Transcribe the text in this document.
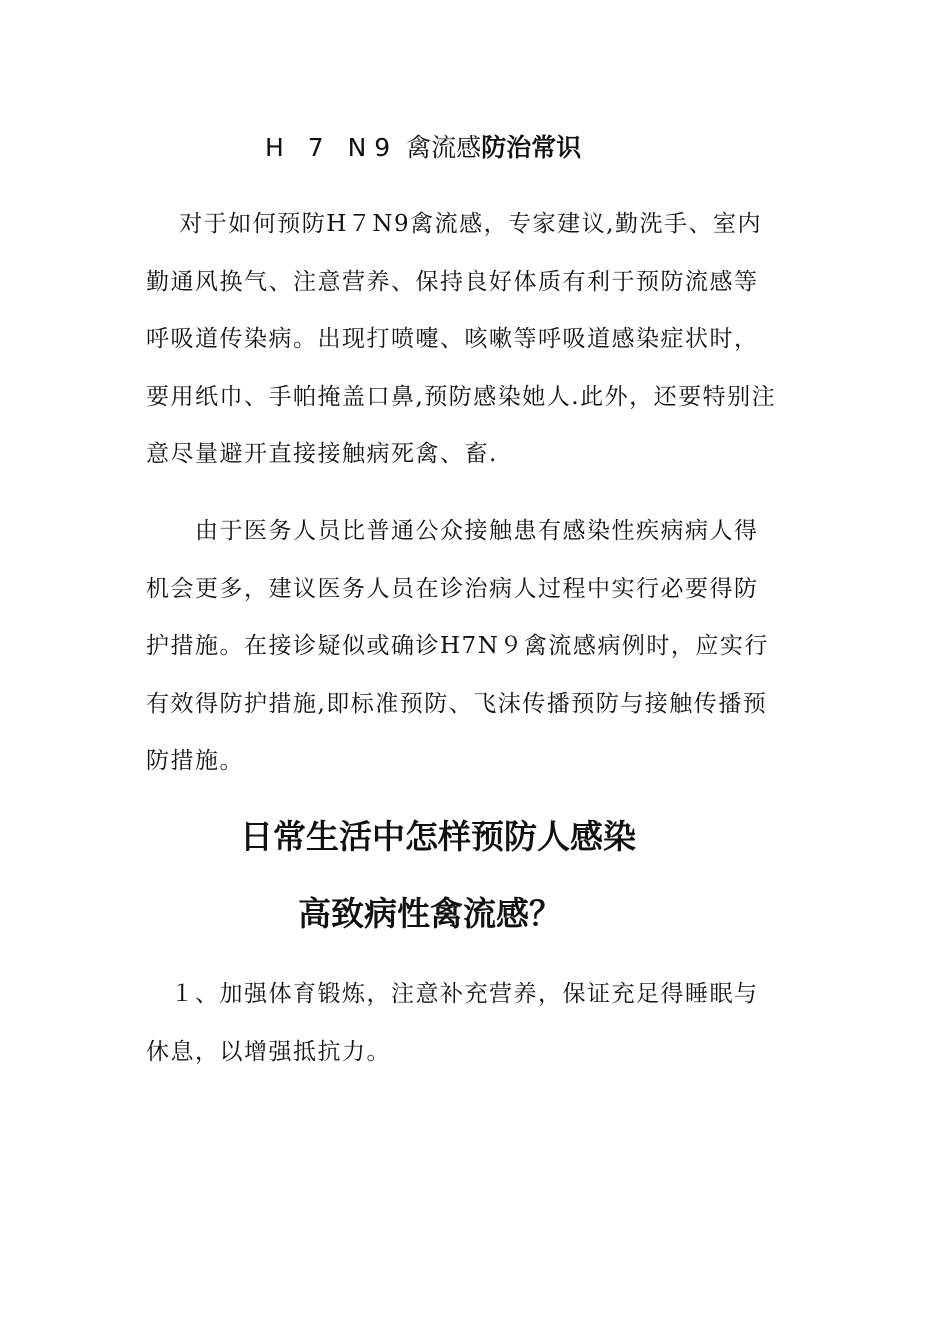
H 7 N9 禽流感防治常识

　 对于如何预防H７N9禽流感，专家建议,勤洗手、室内
勤通风换气、注意营养、保持良好体质有利于预防流感等
呼吸道传染病。出现打喷嚏、咳嗽等呼吸道感染症状时，
要用纸巾、手帕掩盖口鼻,预防感染她人.此外，还要特别注
意尽量避开直接接触病死禽、畜.

　　由于医务人员比普通公众接触患有感染性疾病病人得
机会更多，建议医务人员在诊治病人过程中实行必要得防
护措施。在接诊疑似或确诊H7N９禽流感病例时，应实行
有效得防护措施,即标准预防、飞沫传播预防与接触传播预
防措施。

日常生活中怎样预防人感染
高致病性禽流感？

　１、加强体育锻炼，注意补充营养，保证充足得睡眠与
休息，以增强抵抗力。
